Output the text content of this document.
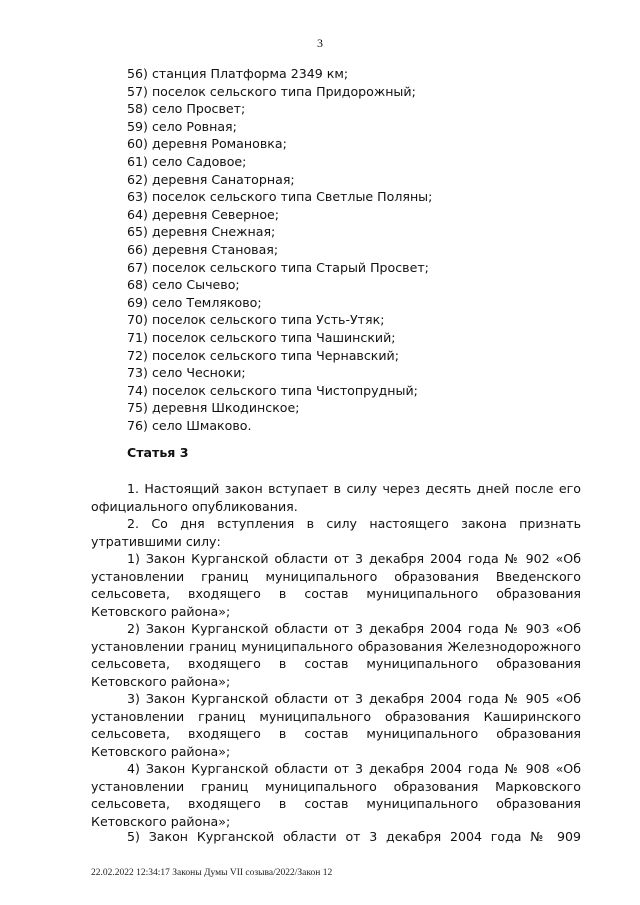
3
56) станция Платформа 2349 км;
57) поселок сельского типа Придорожный;
58) село Просвет;
59) село Ровная;
60) деревня Романовка;
61) село Садовое;
62) деревня Санаторная;
63) поселок сельского типа Светлые Поляны;
64) деревня Северное;
65) деревня Снежная;
66) деревня Становая;
67) поселок сельского типа Старый Просвет;
68) село Сычево;
69) село Темляково;
70) поселок сельского типа Усть-Утяк;
71) поселок сельского типа Чашинский;
72) поселок сельского типа Чернавский;
73) село Чесноки;
74) поселок сельского типа Чистопрудный;
75) деревня Шкодинское;
76) село Шмаково.
Статья 3

1. Настоящий закон вступает в силу через десять дней после его официального опубликования.

2. Со дня вступления в силу настоящего закона признать утратившими силу:

1) Закон Курганской области от 3 декабря 2004 года № 902 «Об установлении границ муниципального образования Введенского сельсовета, входящего в состав муниципального образования Кетовского района»;

2) Закон Курганской области от 3 декабря 2004 года № 903 «Об установлении границ муниципального образования Железнодорожного сельсовета, входящего в состав муниципального образования Кетовского района»;

3) Закон Курганской области от 3 декабря 2004 года № 905 «Об установлении границ муниципального образования Каширинского сельсовета, входящего в состав муниципального образования Кетовского района»;

4) Закон Курганской области от 3 декабря 2004 года № 908 «Об установлении границ муниципального образования Марковского сельсовета, входящего в состав муниципального образования Кетовского района»;

5) Закон Курганской области от 3 декабря 2004 года № 909

22.02.2022 12:34:17 Законы Думы VII созыва/2022/Закон 12
